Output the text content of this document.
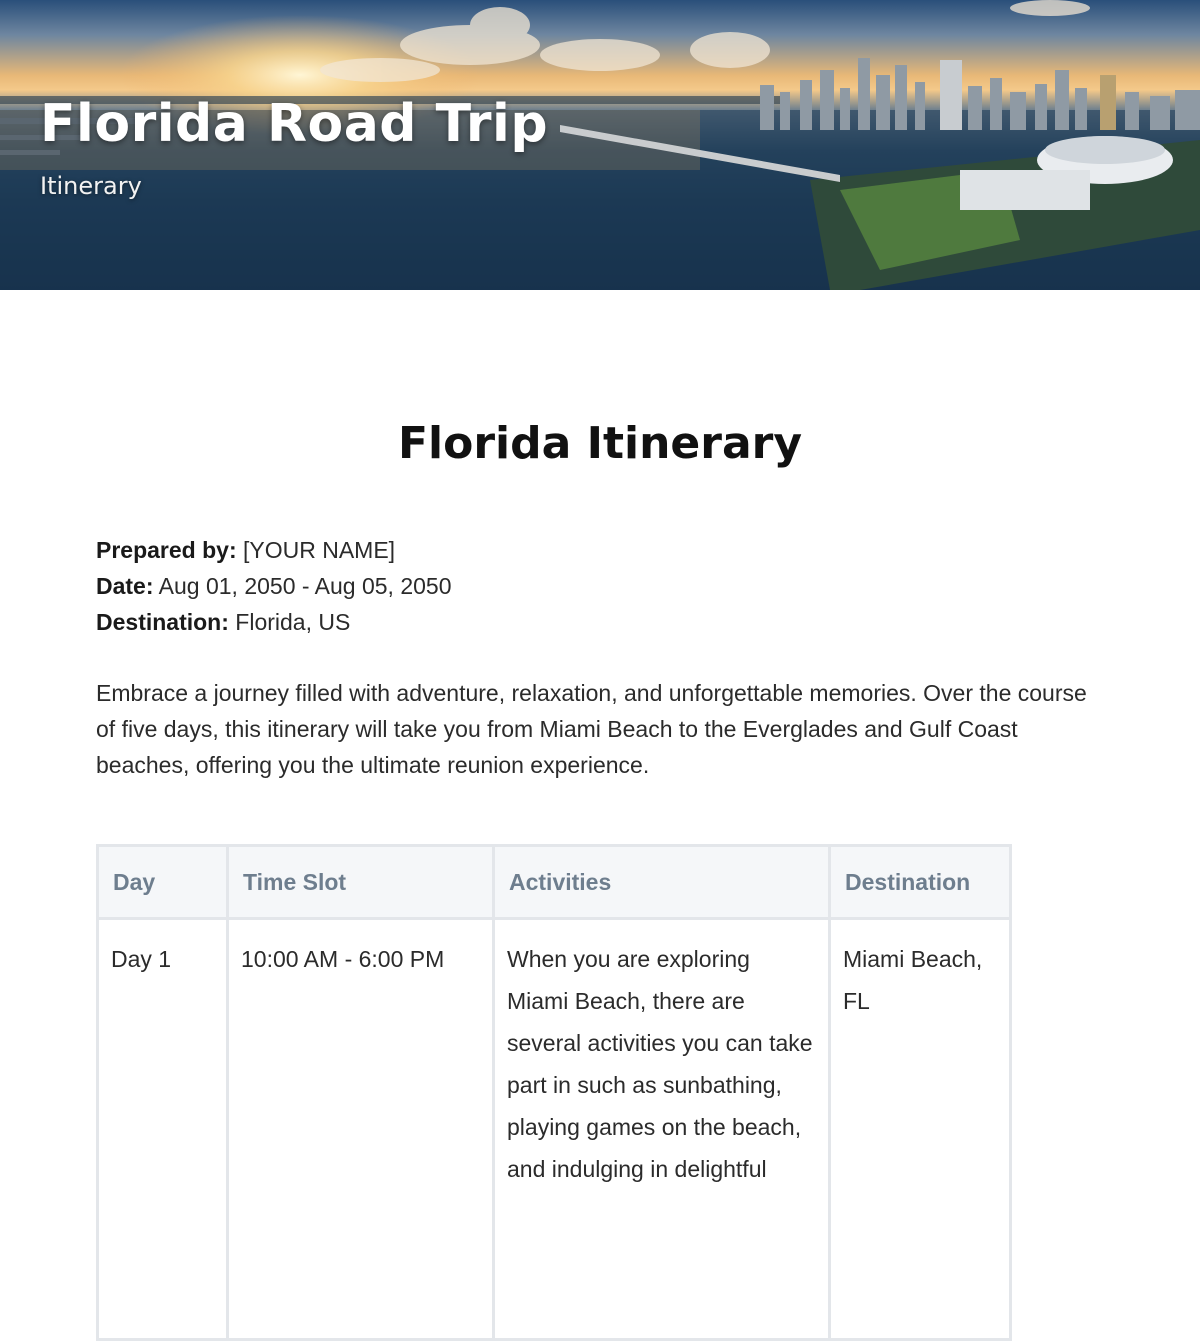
Florida Road Trip

Itinerary

Florida Itinerary
Prepared by: [YOUR NAME]
Date: Aug 01, 2050 - Aug 05, 2050
Destination: Florida, US

Embrace a journey filled with adventure, relaxation, and unforgettable memories. Over the course of five days, this itinerary will take you from Miami Beach to the Everglades and Gulf Coast beaches, offering you the ultimate reunion experience.

Day	Time Slot	Activities	Destination
Day 1	10:00 AM - 6:00 PM	When you are exploring Miami Beach, there are several activities you can take part in such as sunbathing, playing games on the beach, and indulging in delightful	Miami Beach, FL
